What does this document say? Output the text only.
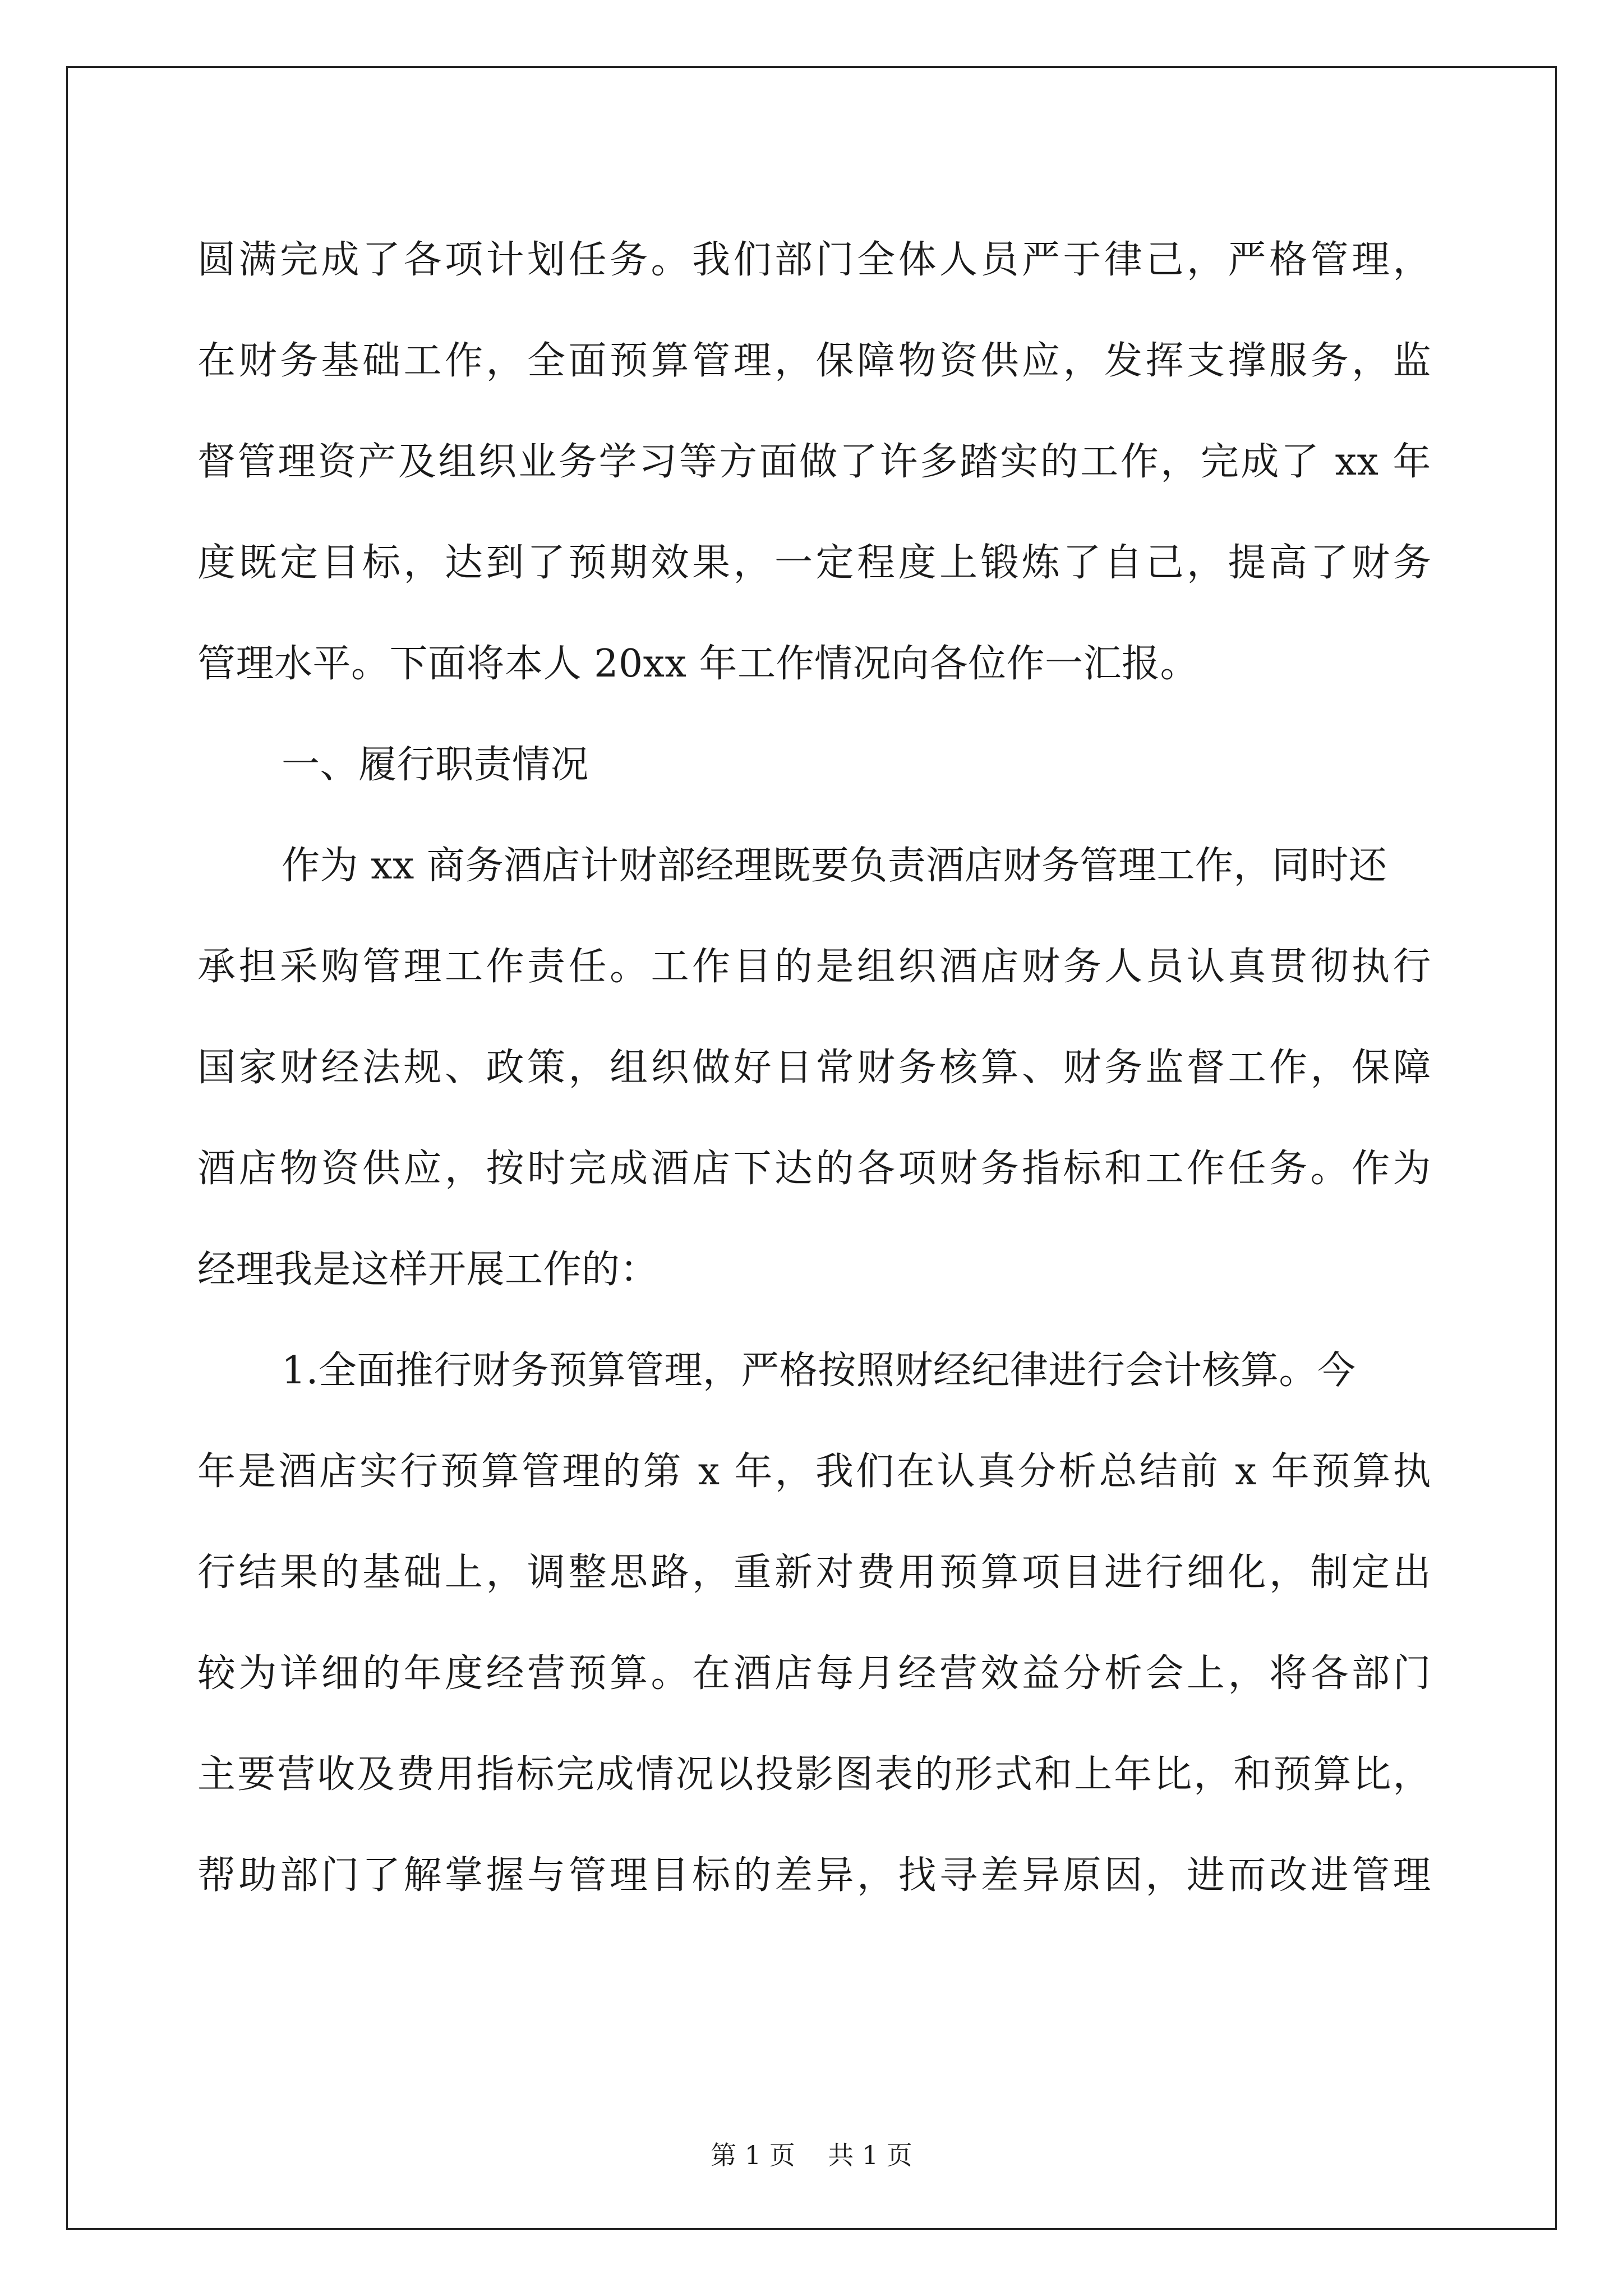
圆满完成了各项计划任务。我们部门全体人员严于律己，严格管理，
在财务基础工作，全面预算管理，保障物资供应，发挥支撑服务，监
督管理资产及组织业务学习等方面做了许多踏实的工作，完成了 xx 年
度既定目标，达到了预期效果，一定程度上锻炼了自己，提高了财务
管理水平。下面将本人 20xx 年工作情况向各位作一汇报。
一、履行职责情况
作为 xx 商务酒店计财部经理既要负责酒店财务管理工作，同时还
承担采购管理工作责任。工作目的是组织酒店财务人员认真贯彻执行
国家财经法规、政策，组织做好日常财务核算、财务监督工作，保障
酒店物资供应，按时完成酒店下达的各项财务指标和工作任务。作为
经理我是这样开展工作的：
1.全面推行财务预算管理，严格按照财经纪律进行会计核算。今
年是酒店实行预算管理的第 x 年，我们在认真分析总结前 x 年预算执
行结果的基础上，调整思路，重新对费用预算项目进行细化，制定出
较为详细的年度经营预算。在酒店每月经营效益分析会上，将各部门
主要营收及费用指标完成情况以投影图表的形式和上年比，和预算比，
帮助部门了解掌握与管理目标的差异，找寻差异原因，进而改进管理
第 1 页    共 1 页
